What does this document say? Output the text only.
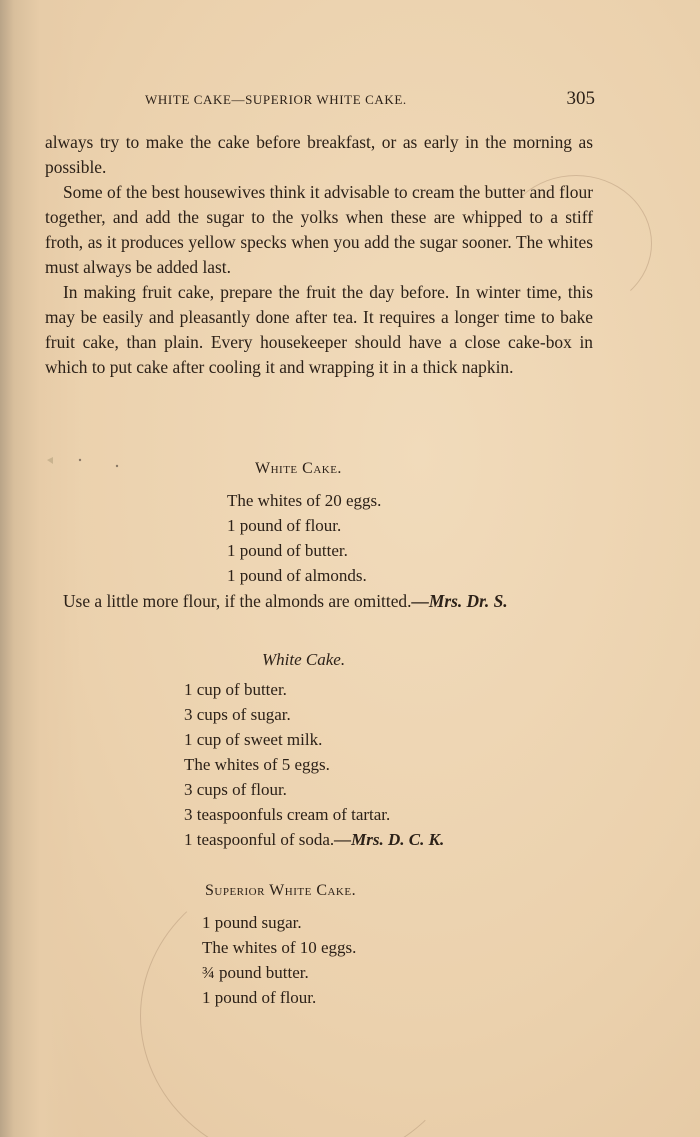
WHITE CAKE—SUPERIOR WHITE CAKE.	305

always try to make the cake before breakfast, or as early in the morning as possible.

Some of the best housewives think it advisable to cream the butter and flour together, and add the sugar to the yolks when these are whipped to a stiff froth, as it produces yellow specks when you add the sugar sooner. The whites must always be added last.

In making fruit cake, prepare the fruit the day before. In winter time, this may be easily and pleasantly done after tea. It requires a longer time to bake fruit cake, than plain. Every housekeeper should have a close cake-box in which to put cake after cooling it and wrapping it in a thick napkin.

White Cake.
The whites of 20 eggs.
1 pound of flour.
1 pound of butter.
1 pound of almonds.
Use a little more flour, if the almonds are omitted.—Mrs. Dr. S.
White Cake.
1 cup of butter.
3 cups of sugar.
1 cup of sweet milk.
The whites of 5 eggs.
3 cups of flour.
3 teaspoonfuls cream of tartar.
1 teaspoonful of soda.—Mrs. D. C. K.
Superior White Cake.
1 pound sugar.
The whites of 10 eggs.
¾ pound butter.
1 pound of flour.
